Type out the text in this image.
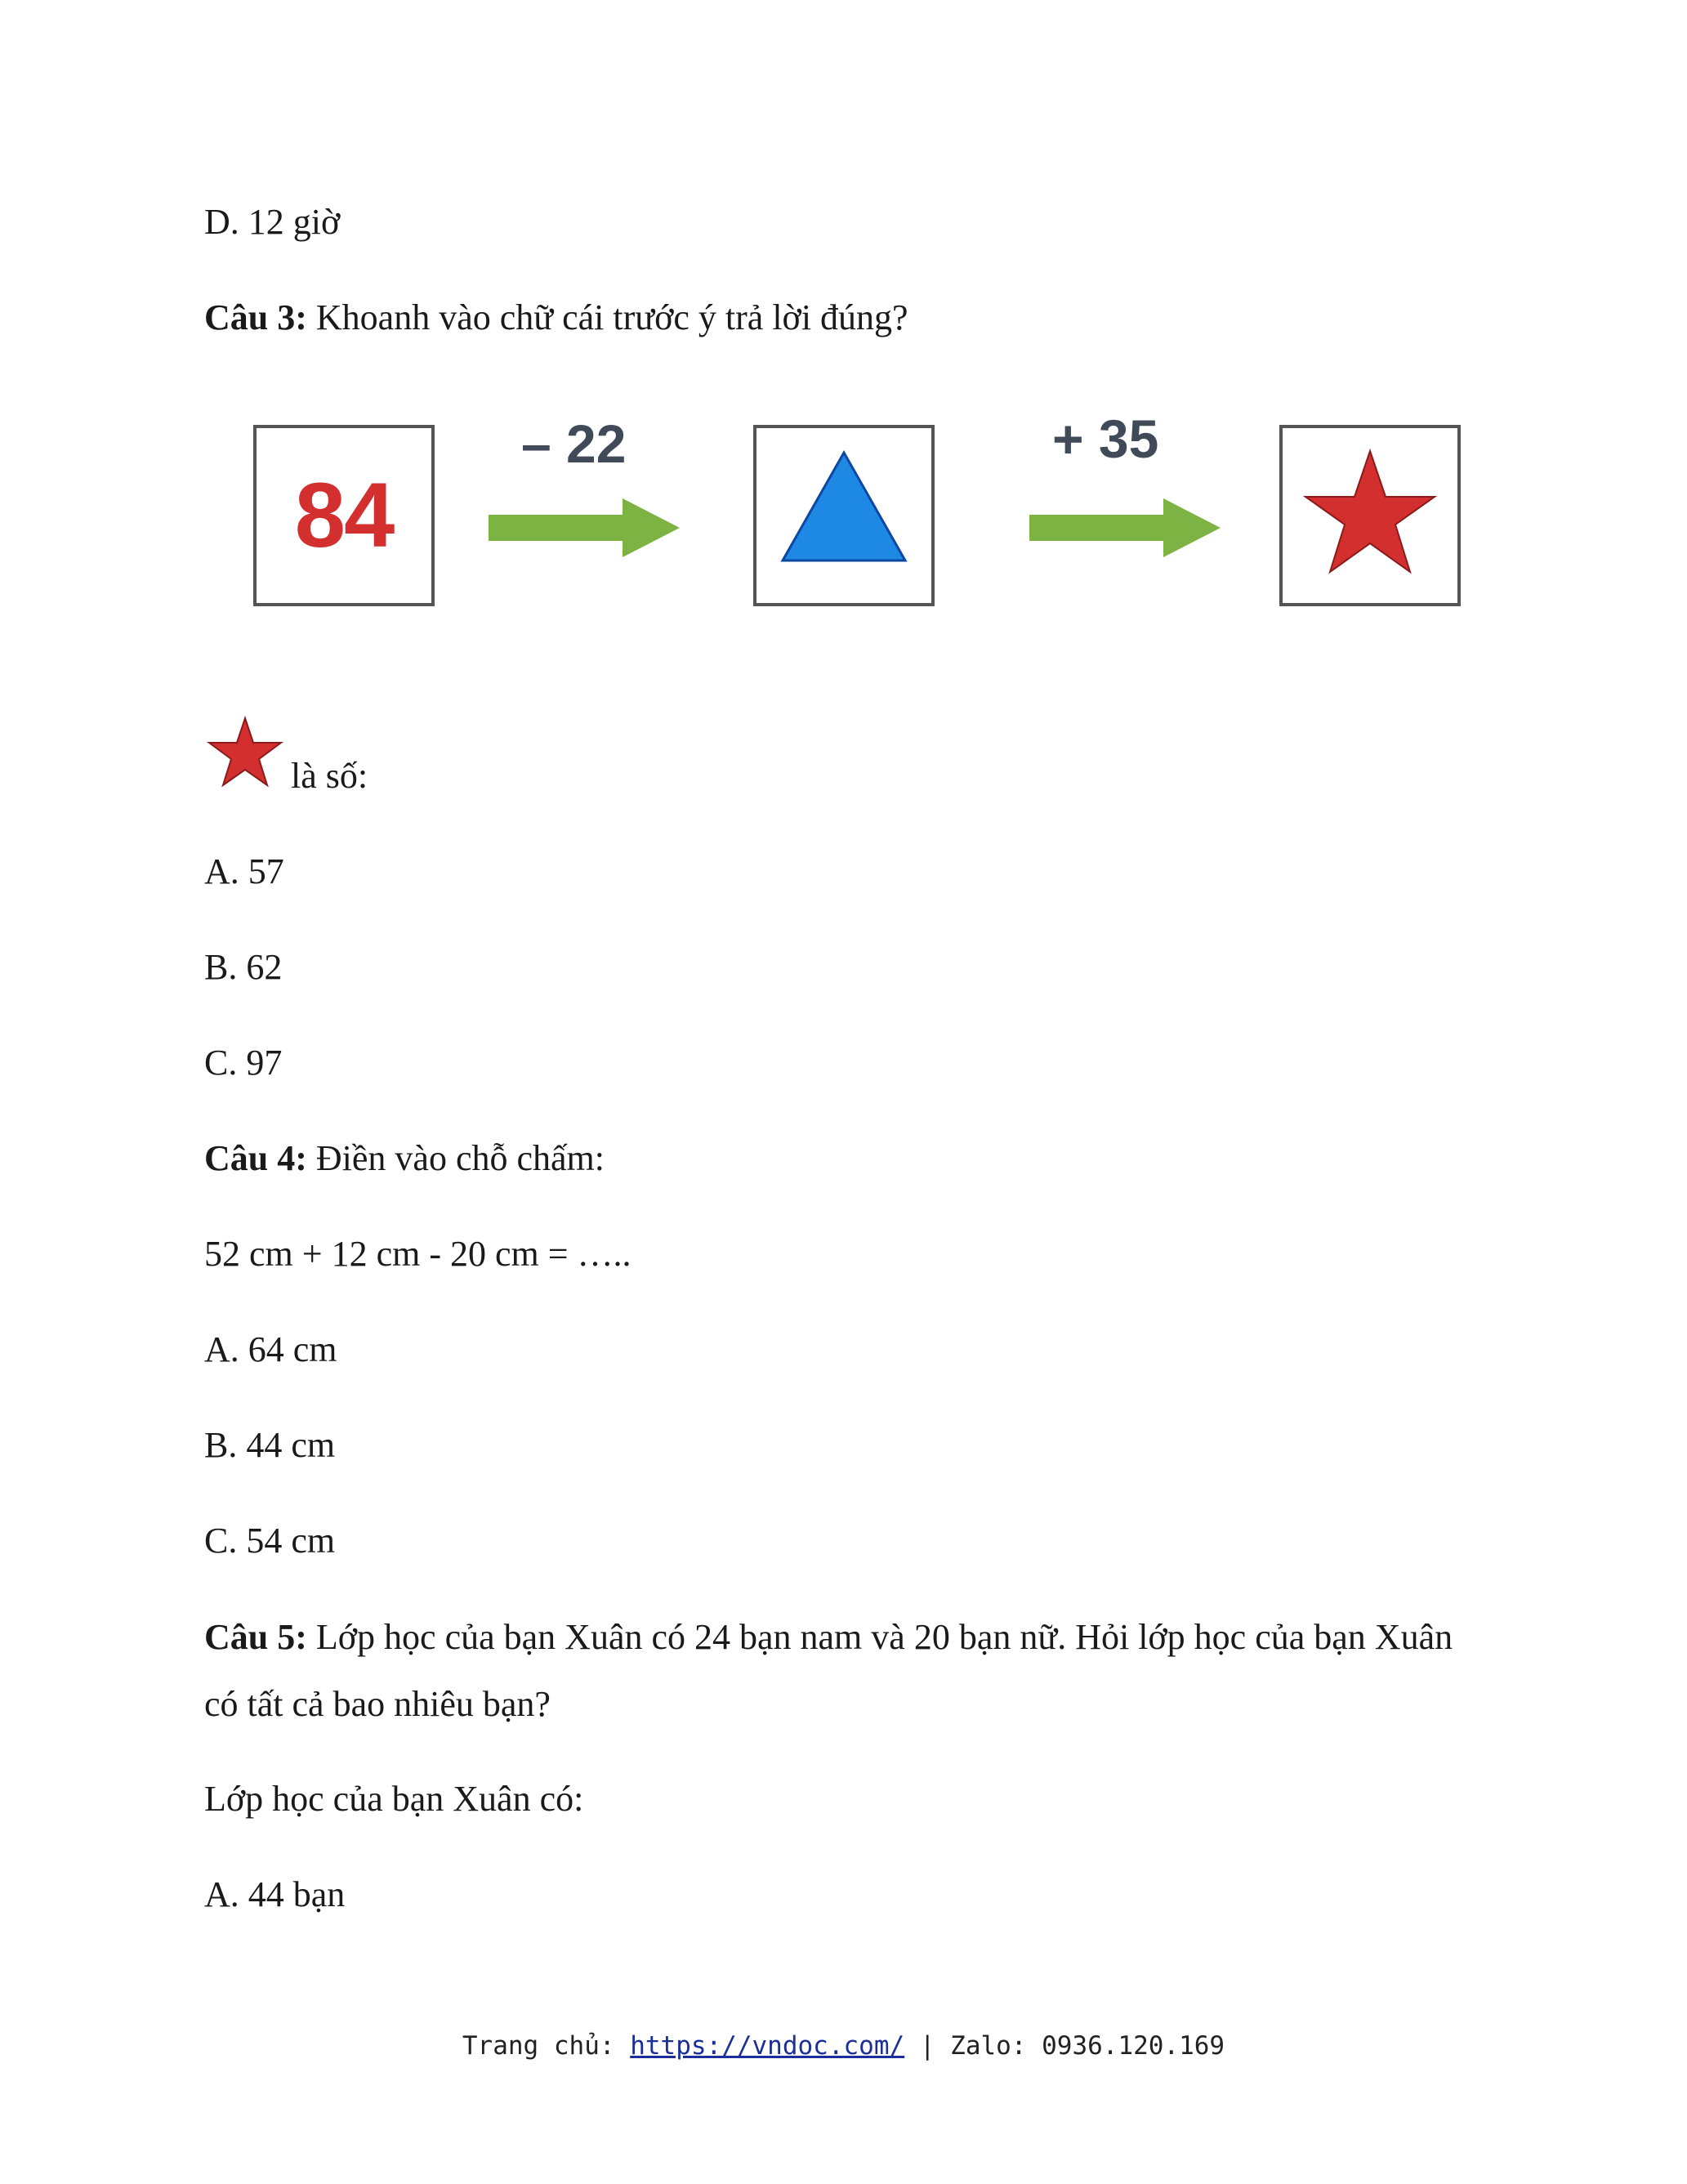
D. 12 giờ
Câu 3: Khoanh vào chữ cái trước ý trả lời đúng?
84
– 22	+ 35
là số:
A. 57
B. 62
C. 97
Câu 4: Điền vào chỗ chấm:
52 cm + 12 cm - 20 cm = …..
A. 64 cm
B. 44 cm
C. 54 cm
Câu 5: Lớp học của bạn Xuân có 24 bạn nam và 20 bạn nữ. Hỏi lớp học của bạn Xuân có tất cả bao nhiêu bạn?
Lớp học của bạn Xuân có:
A. 44 bạn
Trang chủ: https://vndoc.com/ | Zalo: 0936.120.169
